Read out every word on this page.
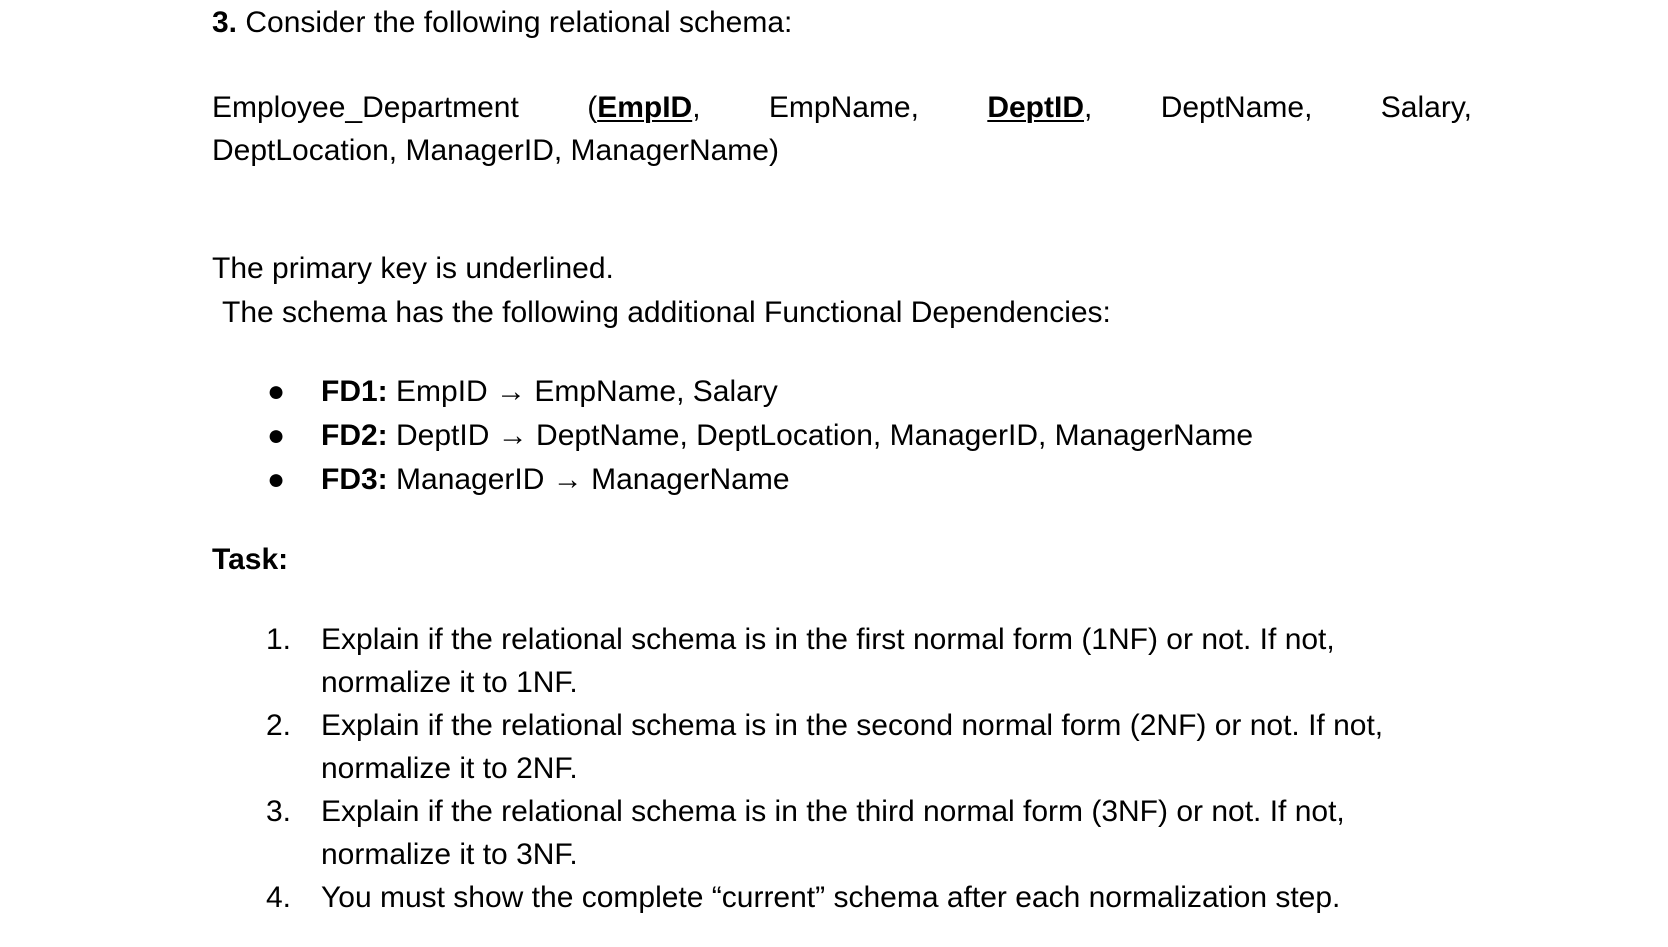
3. Consider the following relational schema:
Employee_Department (EmpID, EmpName, DeptID, DeptName, Salary,
DeptLocation, ManagerID, ManagerName)
The primary key is underlined.
The schema has the following additional Functional Dependencies:
● FD1: EmpID → EmpName, Salary
● FD2: DeptID → DeptName, DeptLocation, ManagerID, ManagerName
● FD3: ManagerID → ManagerName
Task:
1. Explain if the relational schema is in the first normal form (1NF) or not. If not, normalize it to 1NF.
2. Explain if the relational schema is in the second normal form (2NF) or not. If not, normalize it to 2NF.
3. Explain if the relational schema is in the third normal form (3NF) or not. If not, normalize it to 3NF.
4. You must show the complete “current” schema after each normalization step.
